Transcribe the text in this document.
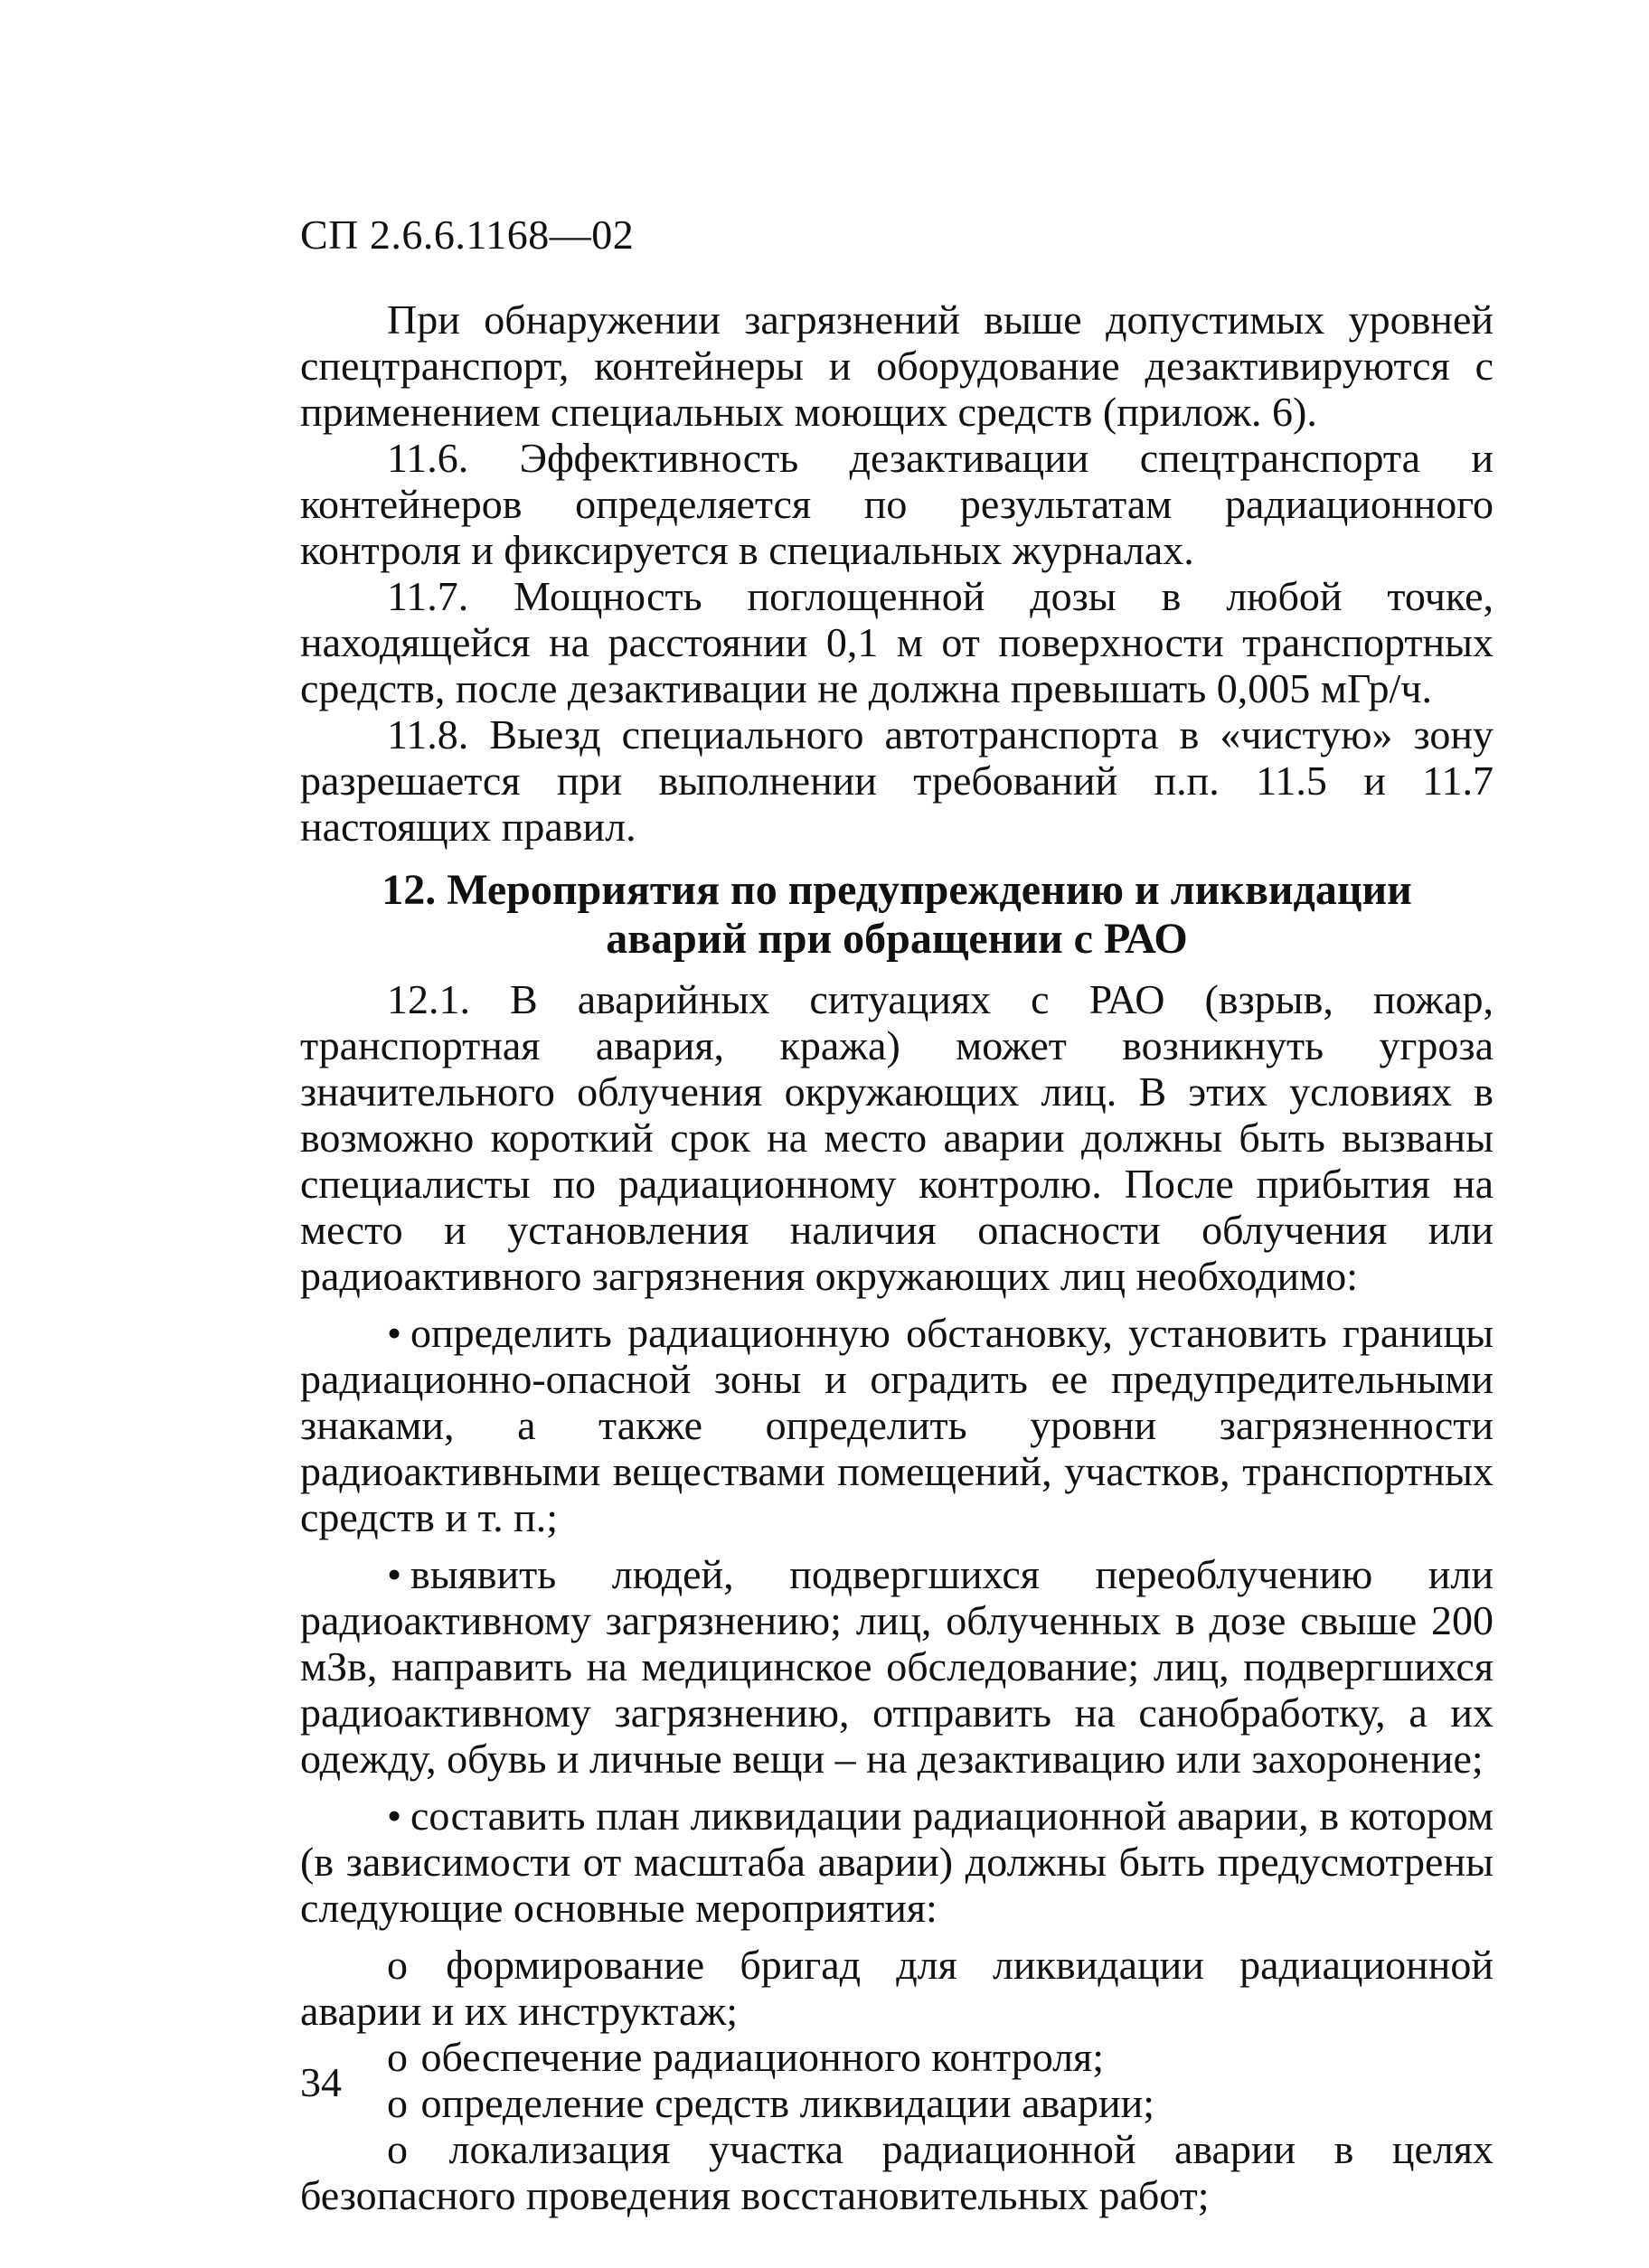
СП 2.6.6.1168—02

При обнаружении загрязнений выше допустимых уровней спецтранспорт, контейнеры и оборудование дезактивируются с применением специальных моющих средств (прилож. 6).

11.6. Эффективность дезактивации спецтранспорта и контейнеров определяется по результатам радиационного контроля и фиксируется в специальных журналах.

11.7. Мощность поглощенной дозы в любой точке, находящейся на расстоянии 0,1 м от поверхности транспортных средств, после дезактивации не должна превышать 0,005 мГр/ч.

11.8. Выезд специального автотранспорта в «чистую» зону разрешается при выполнении требований п.п. 11.5 и 11.7 настоящих правил.

12. Мероприятия по предупреждению и ликвидации
аварий при обращении с РАО

12.1. В аварийных ситуациях с РАО (взрыв, пожар, транспортная авария, кража) может возникнуть угроза значительного облучения окружающих лиц. В этих условиях в возможно короткий срок на место аварии должны быть вызваны специалисты по радиационному контролю. После прибытия на место и установления наличия опасности облучения или радиоактивного загрязнения окружающих лиц необходимо:

• определить радиационную обстановку, установить границы радиационно-опасной зоны и оградить ее предупредительными знаками, а также определить уровни загрязненности радиоактивными веществами помещений, участков, транспортных средств и т. п.;

• выявить людей, подвергшихся переоблучению или радиоактивному загрязнению; лиц, облученных в дозе свыше 200 мЗв, направить на медицинское обследование; лиц, подвергшихся радиоактивному загрязнению, отправить на санобработку, а их одежду, обувь и личные вещи – на дезактивацию или захоронение;

• составить план ликвидации радиационной аварии, в котором (в зависимости от масштаба аварии) должны быть предусмотрены следующие основные мероприятия:

о формирование бригад для ликвидации радиационной аварии и их инструктаж;

о обеспечение радиационного контроля;

о определение средств ликвидации аварии;

о локализация участка радиационной аварии в целях безопасного проведения восстановительных работ;

34
